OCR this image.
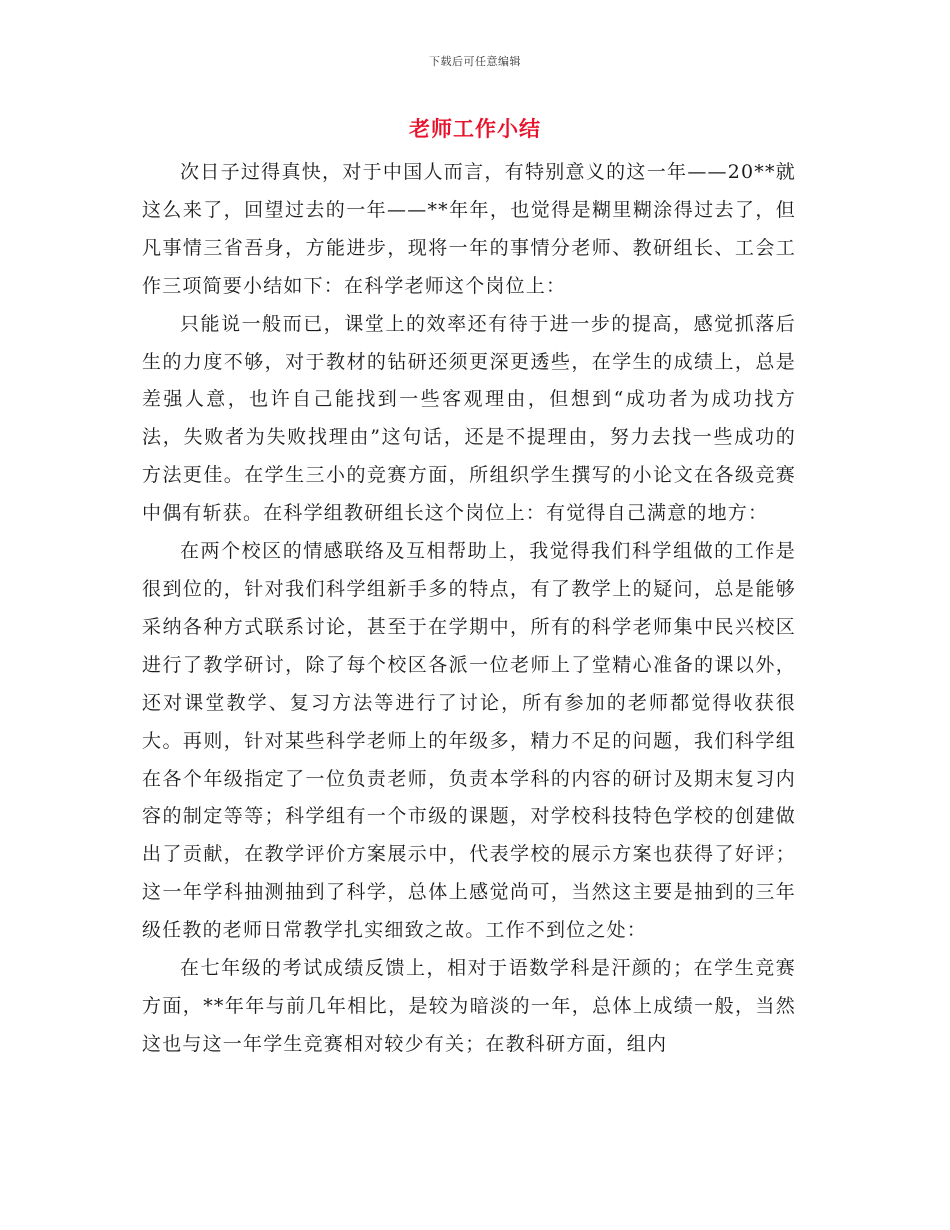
下载后可任意编辑
老师工作小结

次日子过得真快，对于中国人而言，有特别意义的这一年——20**就这么来了，回望过去的一年——**年年，也觉得是糊里糊涂得过去了，但凡事情三省吾身，方能进步，现将一年的事情分老师、教研组长、工会工作三项简要小结如下：在科学老师这个岗位上：

只能说一般而已，课堂上的效率还有待于进一步的提高，感觉抓落后生的力度不够，对于教材的钻研还须更深更透些，在学生的成绩上，总是差强人意，也许自己能找到一些客观理由，但想到“成功者为成功找方法，失败者为失败找理由”这句话，还是不提理由，努力去找一些成功的方法更佳。在学生三小的竞赛方面，所组织学生撰写的小论文在各级竞赛中偶有斩获。在科学组教研组长这个岗位上：有觉得自己满意的地方：

在两个校区的情感联络及互相帮助上，我觉得我们科学组做的工作是很到位的，针对我们科学组新手多的特点，有了教学上的疑问，总是能够采纳各种方式联系讨论，甚至于在学期中，所有的科学老师集中民兴校区进行了教学研讨，除了每个校区各派一位老师上了堂精心准备的课以外，还对课堂教学、复习方法等进行了讨论，所有参加的老师都觉得收获很大。再则，针对某些科学老师上的年级多，精力不足的问题，我们科学组在各个年级指定了一位负责老师，负责本学科的内容的研讨及期末复习内容的制定等等；科学组有一个市级的课题，对学校科技特色学校的创建做出了贡献，在教学评价方案展示中，代表学校的展示方案也获得了好评；这一年学科抽测抽到了科学，总体上感觉尚可，当然这主要是抽到的三年级任教的老师日常教学扎实细致之故。工作不到位之处：

在七年级的考试成绩反馈上，相对于语数学科是汗颜的；在学生竞赛方面，**年年与前几年相比，是较为暗淡的一年，总体上成绩一般，当然这也与这一年学生竞赛相对较少有关；在教科研方面，组内
